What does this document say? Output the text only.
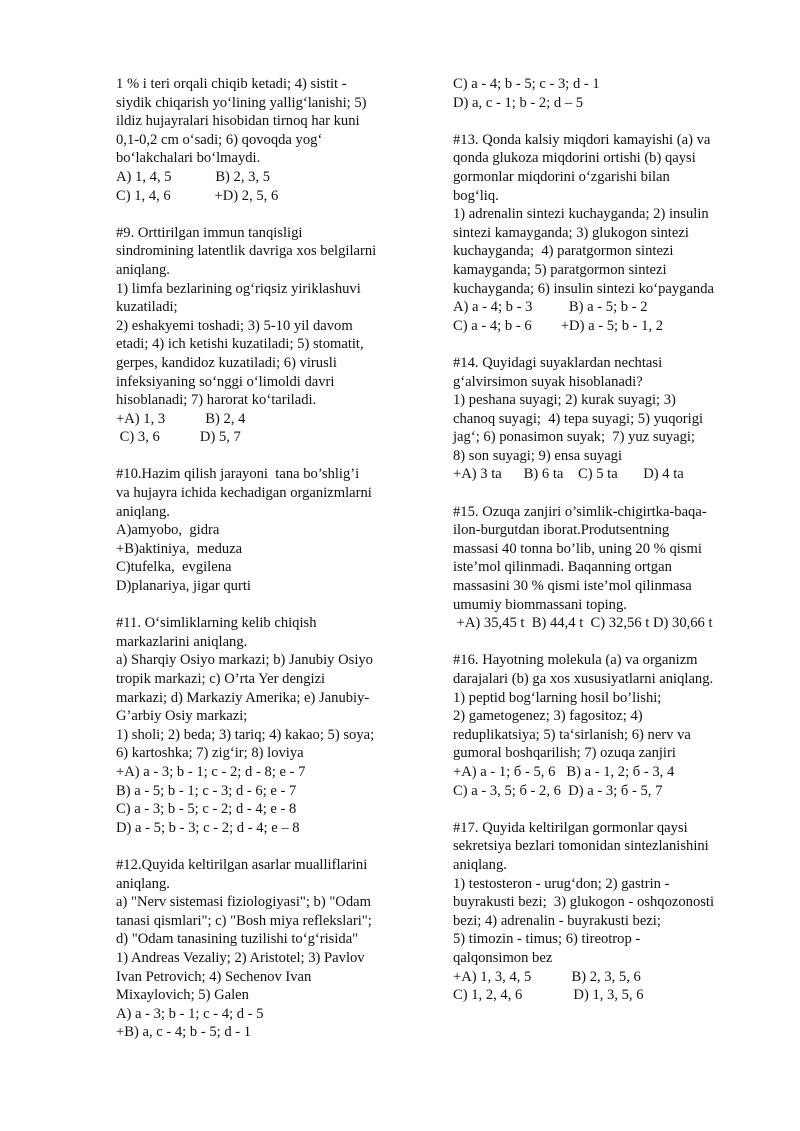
1 % i teri orqali chiqib ketadi; 4) sistit -
siydik chiqarish yo‘lining yallig‘lanishi; 5)
ildiz hujayralari hisobidan tirnoq har kuni
0,1-0,2 cm o‘sadi; 6) qovoqda yog‘
bo‘lakchalari bo‘lmaydi.
A) 1, 4, 5            B) 2, 3, 5
C) 1, 4, 6            +D) 2, 5, 6
#9. Orttirilgan immun tanqisligi
sindromining latentlik davriga xos belgilarni
aniqlang.
1) limfa bezlarining og‘riqsiz yiriklashuvi
kuzatiladi;
2) eshakyemi toshadi; 3) 5-10 yil davom
etadi; 4) ich ketishi kuzatiladi; 5) stomatit,
gerpes, kandidoz kuzatiladi; 6) virusli
infeksiyaning so‘nggi o‘limoldi davri
hisoblanadi; 7) harorat ko‘tariladi.
+A) 1, 3           B) 2, 4
C) 3, 6           D) 5, 7
#10.Hazim qilish jarayoni  tana bo’shlig’i
va hujayra ichida kechadigan organizmlarni
aniqlang.
A)amyobo,  gidra
+B)aktiniya,  meduza
C)tufelka,  evgilena
D)planariya, jigar qurti
#11. O‘simliklarning kelib chiqish
markazlarini aniqlang.
a) Sharqiy Osiyo markazi; b) Janubiy Osiyo
tropik markazi; c) O’rta Yer dengizi
markazi; d) Markaziy Amerika; e) Janubiy-
G’arbiy Osiy markazi;
1) sholi; 2) beda; 3) tariq; 4) kakao; 5) soya;
6) kartoshka; 7) zig‘ir; 8) loviya
+A) a - 3; b - 1; c - 2; d - 8; e - 7
B) a - 5; b - 1; c - 3; d - 6; e - 7
C) a - 3; b - 5; c - 2; d - 4; e - 8
D) a - 5; b - 3; c - 2; d - 4; e – 8
#12.Quyida keltirilgan asarlar mualliflarini
aniqlang.
a) "Nerv sistemasi fiziologiyasi"; b) "Odam
tanasi qismlari"; c) "Bosh miya reflekslari";
d) "Odam tanasining tuzilishi to‘g‘risida"
1) Andreas Vezaliy; 2) Aristotel; 3) Pavlov
Ivan Petrovich; 4) Sechenov Ivan
Mixaylovich; 5) Galen
A) a - 3; b - 1; c - 4; d - 5
+B) a, c - 4; b - 5; d - 1
C) a - 4; b - 5; c - 3; d - 1
D) a, c - 1; b - 2; d – 5
#13. Qonda kalsiy miqdori kamayishi (a) va
qonda glukoza miqdorini ortishi (b) qaysi
gormonlar miqdorini o‘zgarishi bilan
bog‘liq.
1) adrenalin sintezi kuchayganda; 2) insulin
sintezi kamayganda; 3) glukogon sintezi
kuchayganda;  4) paratgormon sintezi
kamayganda; 5) paratgormon sintezi
kuchayganda; 6) insulin sintezi ko‘payganda
A) a - 4; b - 3          B) a - 5; b - 2
C) a - 4; b - 6        +D) a - 5; b - 1, 2
#14. Quyidagi suyaklardan nechtasi
g‘alvirsimon suyak hisoblanadi?
1) peshana suyagi; 2) kurak suyagi; 3)
chanoq suyagi;  4) tepa suyagi; 5) yuqorigi
jag‘; 6) ponasimon suyak;  7) yuz suyagi;
8) son suyagi; 9) ensa suyagi
+A) 3 ta      B) 6 ta    C) 5 ta       D) 4 ta
#15. Ozuqa zanjiri o’simlik-chigirtka-baqa-
ilon-burgutdan iborat.Produtsentning
massasi 40 tonna bo’lib, uning 20 % qismi
iste’mol qilinmadi. Baqanning ortgan
massasini 30 % qismi iste’mol qilinmasa
umumiy biommassani toping.
+A) 35,45 t  B) 44,4 t  C) 32,56 t D) 30,66 t
#16. Hayotning molekula (a) va organizm
darajalari (b) ga xos xususiyatlarni aniqlang.
1) peptid bog‘larning hosil bo’lishi;
2) gametogenez; 3) fagositoz; 4)
reduplikatsiya; 5) ta‘sirlanish; 6) nerv va
gumoral boshqarilish; 7) ozuqa zanjiri
+A) a - 1; б - 5, 6   B) a - 1, 2; б - 3, 4
C) a - 3, 5; б - 2, 6  D) a - 3; б - 5, 7
#17. Quyida keltirilgan gormonlar qaysi
sekretsiya bezlari tomonidan sintezlanishini
aniqlang.
1) testosteron - urug‘don; 2) gastrin -
buyrakusti bezi;  3) glukogon - oshqozonosti
bezi; 4) adrenalin - buyrakusti bezi;
5) timozin - timus; 6) tireotrop -
qalqonsimon bez
+A) 1, 3, 4, 5           B) 2, 3, 5, 6
C) 1, 2, 4, 6              D) 1, 3, 5, 6
